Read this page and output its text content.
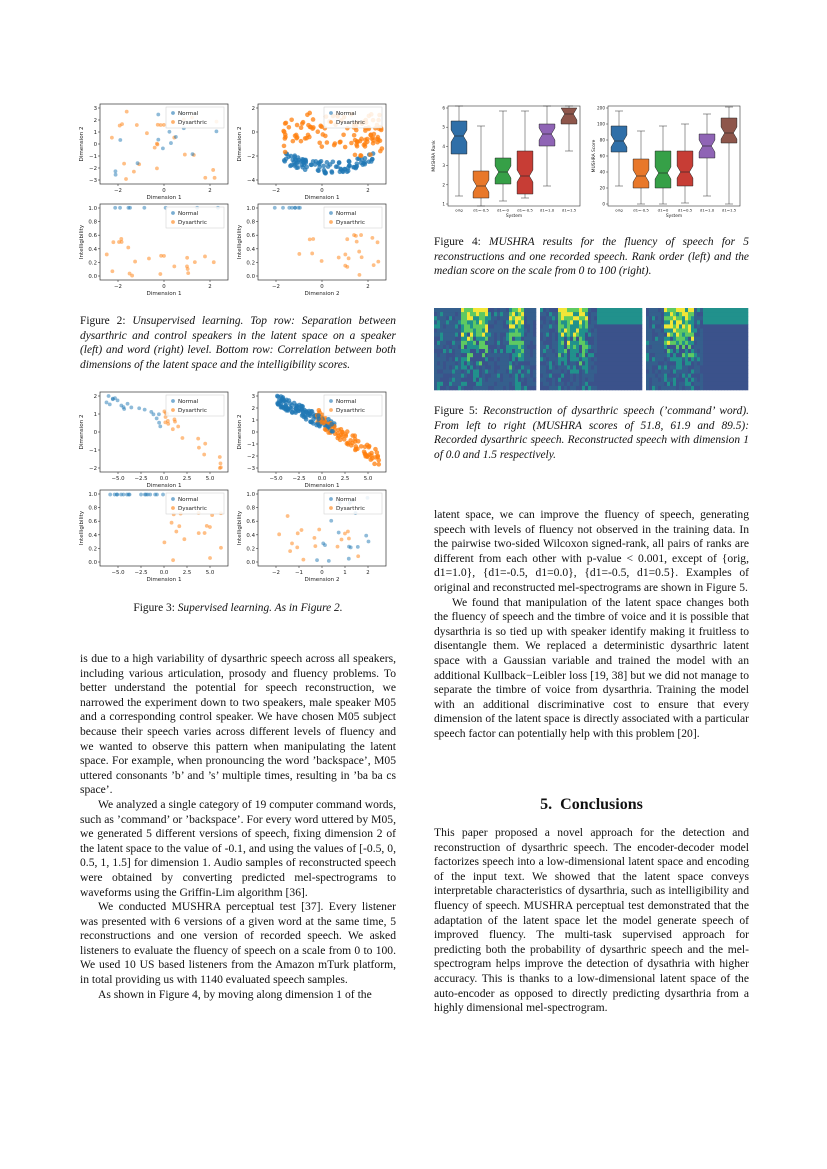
3
2
1
0
−1
−2
−3
−2	0	2
Dimension 1
Dimension 2
Normal
Dysarthric
2
0
−2
−4
−2	0	2
Dimension 1
Dimension 2
Normal
Dysarthric
1.0
0.8
0.6
0.4
0.2
0.0
−2	0	2
Dimension 1
Intelligibility
Normal
Dysarthric
1.0
0.8
0.6
0.4
0.2
0.0
−2	0	2
Dimension 2
Intelligibility
Normal
Dysarthric
Figure 2: Unsupervised learning. Top row: Separation between dysarthric and control speakers in the latent space on a speaker (left) and word (right) level. Bottom row: Correlation between both dimensions of the latent space and the intelligibility scores.
2
1
0
−1
−2
−5.0 −2.5 0.0	2.5	5.0
Dimension 1
Dimension 2
Normal
Dysarthric
3
2
1
0
−1
−2
−3
−5.0 −2.5 0.0	2.5	5.0
Dimension 1
Dimension 2
Normal
Dysarthric
1.0
0.8
0.6
0.4
0.2
0.0
−5.0 −2.5 0.0	2.5	5.0
Dimension 1
Intelligibility
Normal
Dysarthric
1.0
0.8
0.6
0.4
0.2
0.0
−2	−1	0	1	2
Dimension 2
Intelligibility
Normal
Dysarthric
Figure 3: Supervised learning. As in Figure 2.

is due to a high variability of dysarthric speech across all speakers, including various articulation, prosody and fluency problems. To better understand the potential for speech reconstruction, we narrowed the experiment down to two speakers, male speaker M05 and a corresponding control speaker. We have chosen M05 subject because their speech varies across different levels of fluency and we wanted to observe this pattern when manipulating the latent space. For example, when pronouncing the word ’backspace’, M05 uttered consonants ’b’ and ’s’ multiple times, resulting in ’ba ba cs space’.

We analyzed a single category of 19 computer command words, such as ’command’ or ’backspace’. For every word uttered by M05, we generated 5 different versions of speech, fixing dimension 2 of the latent space to the value of -0.1, and using the values of [-0.5, 0, 0.5, 1, 1.5] for dimension 1. Audio samples of reconstructed speech were obtained by converting predicted mel-spectrograms to waveforms using the Griffin-Lim algorithm [36].

We conducted MUSHRA perceptual test [37]. Every listener was presented with 6 versions of a given word at the same time, 5 reconstructions and one version of recorded speech. We asked listeners to evaluate the fluency of speech on a scale from 0 to 100. We used 10 US based listeners from the Amazon mTurk platform, in total providing us with 1140 evaluated speech samples.

As shown in Figure 4, by moving along dimension 1 of the

1
2
3
4
5
6
MUSHRA Rank
System
orig	d1=-0.5 d1=-0 d1=-0.5 d1=1.0 d1=1.5
0
20
40
60
80
100
200
MUSHRA Score
System
orig	d1=-0.5 d1=0 d1=0.5 d1=1.0 d1=1.5
Figure 4: MUSHRA results for the fluency of speech for 5 reconstructions and one recorded speech. Rank order (left) and the median score on the scale from 0 to 100 (right).
Figure 5: Reconstruction of dysarthric speech (’command’ word). From left to right (MUSHRA scores of 51.8, 61.9 and 89.5): Recorded dysarthric speech. Reconstructed speech with dimension 1 of 0.0 and 1.5 respectively.

latent space, we can improve the fluency of speech, generating speech with levels of fluency not observed in the training data. In the pairwise two-sided Wilcoxon signed-rank, all pairs of ranks are different from each other with p-value < 0.001, except of {orig, d1=1.0}, {d1=-0.5, d1=0.0}, {d1=-0.5, d1=0.5}. Examples of original and reconstructed mel-spectrograms are shown in Figure 5.

We found that manipulation of the latent space changes both the fluency of speech and the timbre of voice and it is possible that dysarthria is so tied up with speaker identify making it fruitless to disentangle them. We replaced a deterministic dysarthric latent space with a Gaussian variable and trained the model with an additional Kullback−Leibler loss [19, 38] but we did not manage to separate the timbre of voice from dysarthria. Training the model with an additional discriminative cost to ensure that every dimension of the latent space is directly associated with a particular speech factor can potentially help with this problem [20].

5. Conclusions

This paper proposed a novel approach for the detection and reconstruction of dysarthric speech. The encoder-decoder model factorizes speech into a low-dimensional latent space and encoding of the input text. We showed that the latent space conveys interpretable characteristics of dysarthria, such as intelligibility and fluency of speech. MUSHRA perceptual test demonstrated that the adaptation of the latent space let the model generate speech of improved fluency. The multi-task supervised approach for predicting both the probability of dysarthric speech and the mel-spectrogram helps improve the detection of dysathria with higher accuracy. This is thanks to a low-dimensional latent space of the auto-encoder as opposed to directly predicting dysarthria from a highly dimensional mel-spectrogram.
